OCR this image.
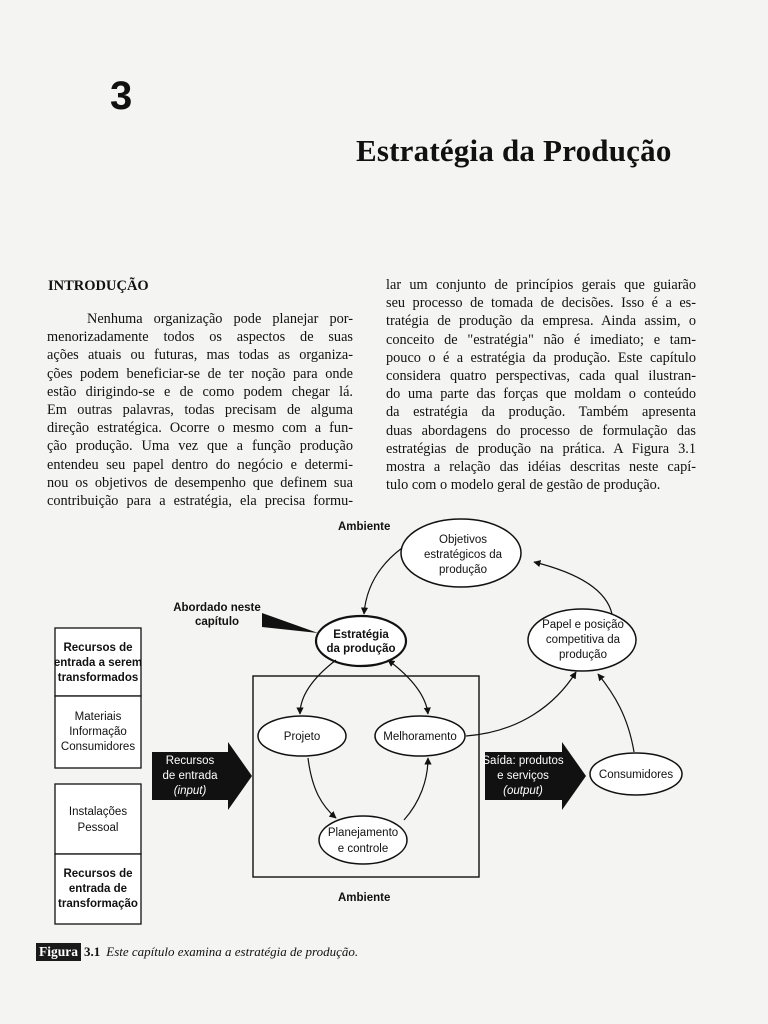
3
Estratégia da Produção
INTRODUÇÃO
Nenhuma organização pode planejar por-
menorizadamente todos os aspectos de suas
ações atuais ou futuras, mas todas as organiza-
ções podem beneficiar-se de ter noção para onde
estão dirigindo-se e de como podem chegar lá.
Em outras palavras, todas precisam de alguma
direção estratégica. Ocorre o mesmo com a fun-
ção produção. Uma vez que a função produção
entendeu seu papel dentro do negócio e determi-
nou os objetivos de desempenho que definem sua
contribuição para a estratégia, ela precisa formu-
lar um conjunto de princípios gerais que guiarão
seu processo de tomada de decisões. Isso é a es-
tratégia de produção da empresa. Ainda assim, o
conceito de "estratégia" não é imediato; e tam-
pouco o é a estratégia da produção. Este capítulo
considera quatro perspectivas, cada qual ilustran-
do uma parte das forças que moldam o conteúdo
da estratégia da produção. Também apresenta
duas abordagens do processo de formulação das
estratégias de produção na prática. A Figura 3.1
mostra a relação das idéias descritas neste capí-
tulo com o modelo geral de gestão de produção.
Ambiente
Ambiente
Abordado neste
capítulo
Estratégia
da produção
Recursos de
entrada a serem
transformados
Recursos de
entrada de
transformação
Objetivos
estratégicos da
produção
Papel e posição
competitiva da
produção
Projeto	Melhoramento
Planejamento
e controle
Consumidores
Materiais
Informação
Consumidores
Instalações
Pessoal
Recursos
de entrada
(input)
Saída: produtos
e serviços
(output)
Figura 3.1 Este capítulo examina a estratégia de produção.
